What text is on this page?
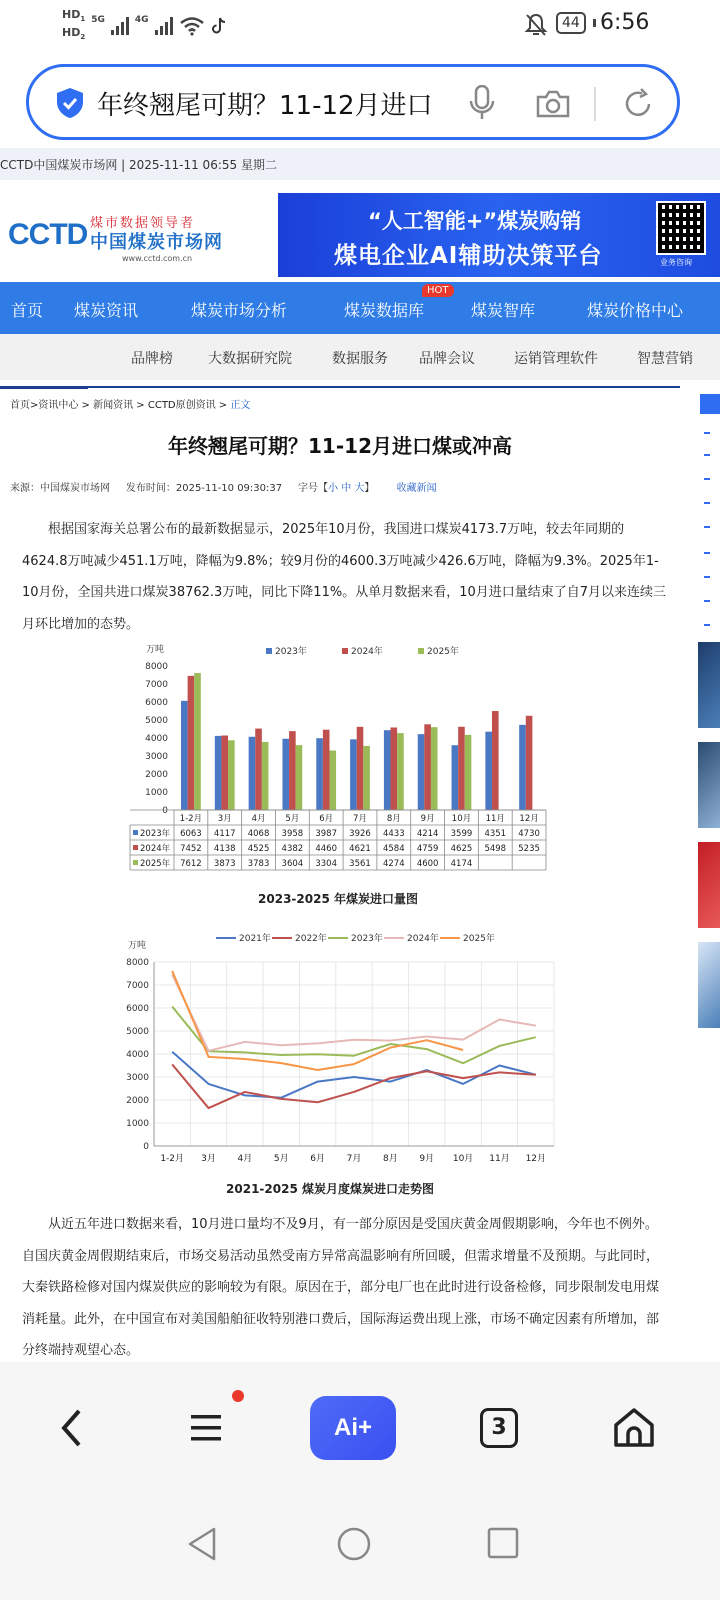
$HD_1$
$HD_2$
5G	4G	44 6:56
年终翘尾可期？11-12月进口
CCTD中国煤炭市场网 | 2025-11-11 06:55 星期二
CCTD 煤市数据领导者
中国煤炭市场网
www.cctd.com.cn
“人工智能+”煤炭购销
煤电企业AI辅助决策平台	业务咨询
首页 煤炭资讯	煤炭市场分析	煤炭数据库
HOT
煤炭智库	煤炭价格中心
品牌榜	大数据研究院	数据服务 品牌会议	运销管理软件	智慧营销
首页>资讯中心 > 新闻资讯 > CCTD原创资讯 > 正文
年终翘尾可期？11-12月进口煤或冲高
来源：中国煤炭市场网 发布时间：2025-11-10 09:30:37 字号【小 中 大】 收藏新闻
根据国家海关总署公布的最新数据显示，2025年10月份，我国进口煤炭4173.7万吨，较去年同期的4624.8万吨减少451.1万吨，降幅为9.8%；较9月份的4600.3万吨减少426.6万吨，降幅为9.3%。2025年1-10月份，全国共进口煤炭38762.3万吨，同比下降11%。从单月数据来看，10月进口量结束了自7月以来连续三月环比增加的态势。
万吨
0
1000
2000
3000
4000
5000
6000
7000
8000
2023年	2024年	2025年
1-2月 3月 4月 5月 6月 7月 8月 9月 10月 11月 12月
2023年 6063 4117 4068 3958 3987 3926 4433 4214 3599 4351 4730
2024年 7452 4138 4525 4382 4460 4621 4584 4759 4625 5498 5235
2025年 7612 3873 3783 3604 3304 3561 4274 4600 4174
2023-2025 年煤炭进口量图
万吨
0
1000
2000
3000
4000
5000
6000
7000
8000
1-2月 3月 4月 5月 6月 7月 8月 9月 10月 11月 12月
2021年	2022年	2023年	2024年	2025年
2021-2025 煤炭月度煤炭进口走势图
从近五年进口数据来看，10月进口量均不及9月，有一部分原因是受国庆黄金周假期影响，今年也不例外。自国庆黄金周假期结束后，市场交易活动虽然受南方异常高温影响有所回暖，但需求增量不及预期。与此同时，大秦铁路检修对国内煤炭供应的影响较为有限。原因在于，部分电厂也在此时进行设备检修，同步限制发电用煤消耗量。此外，在中国宣布对美国船舶征收特别港口费后，国际海运费出现上涨，市场不确定因素有所增加，部分终端持观望心态。
Ai+	3
